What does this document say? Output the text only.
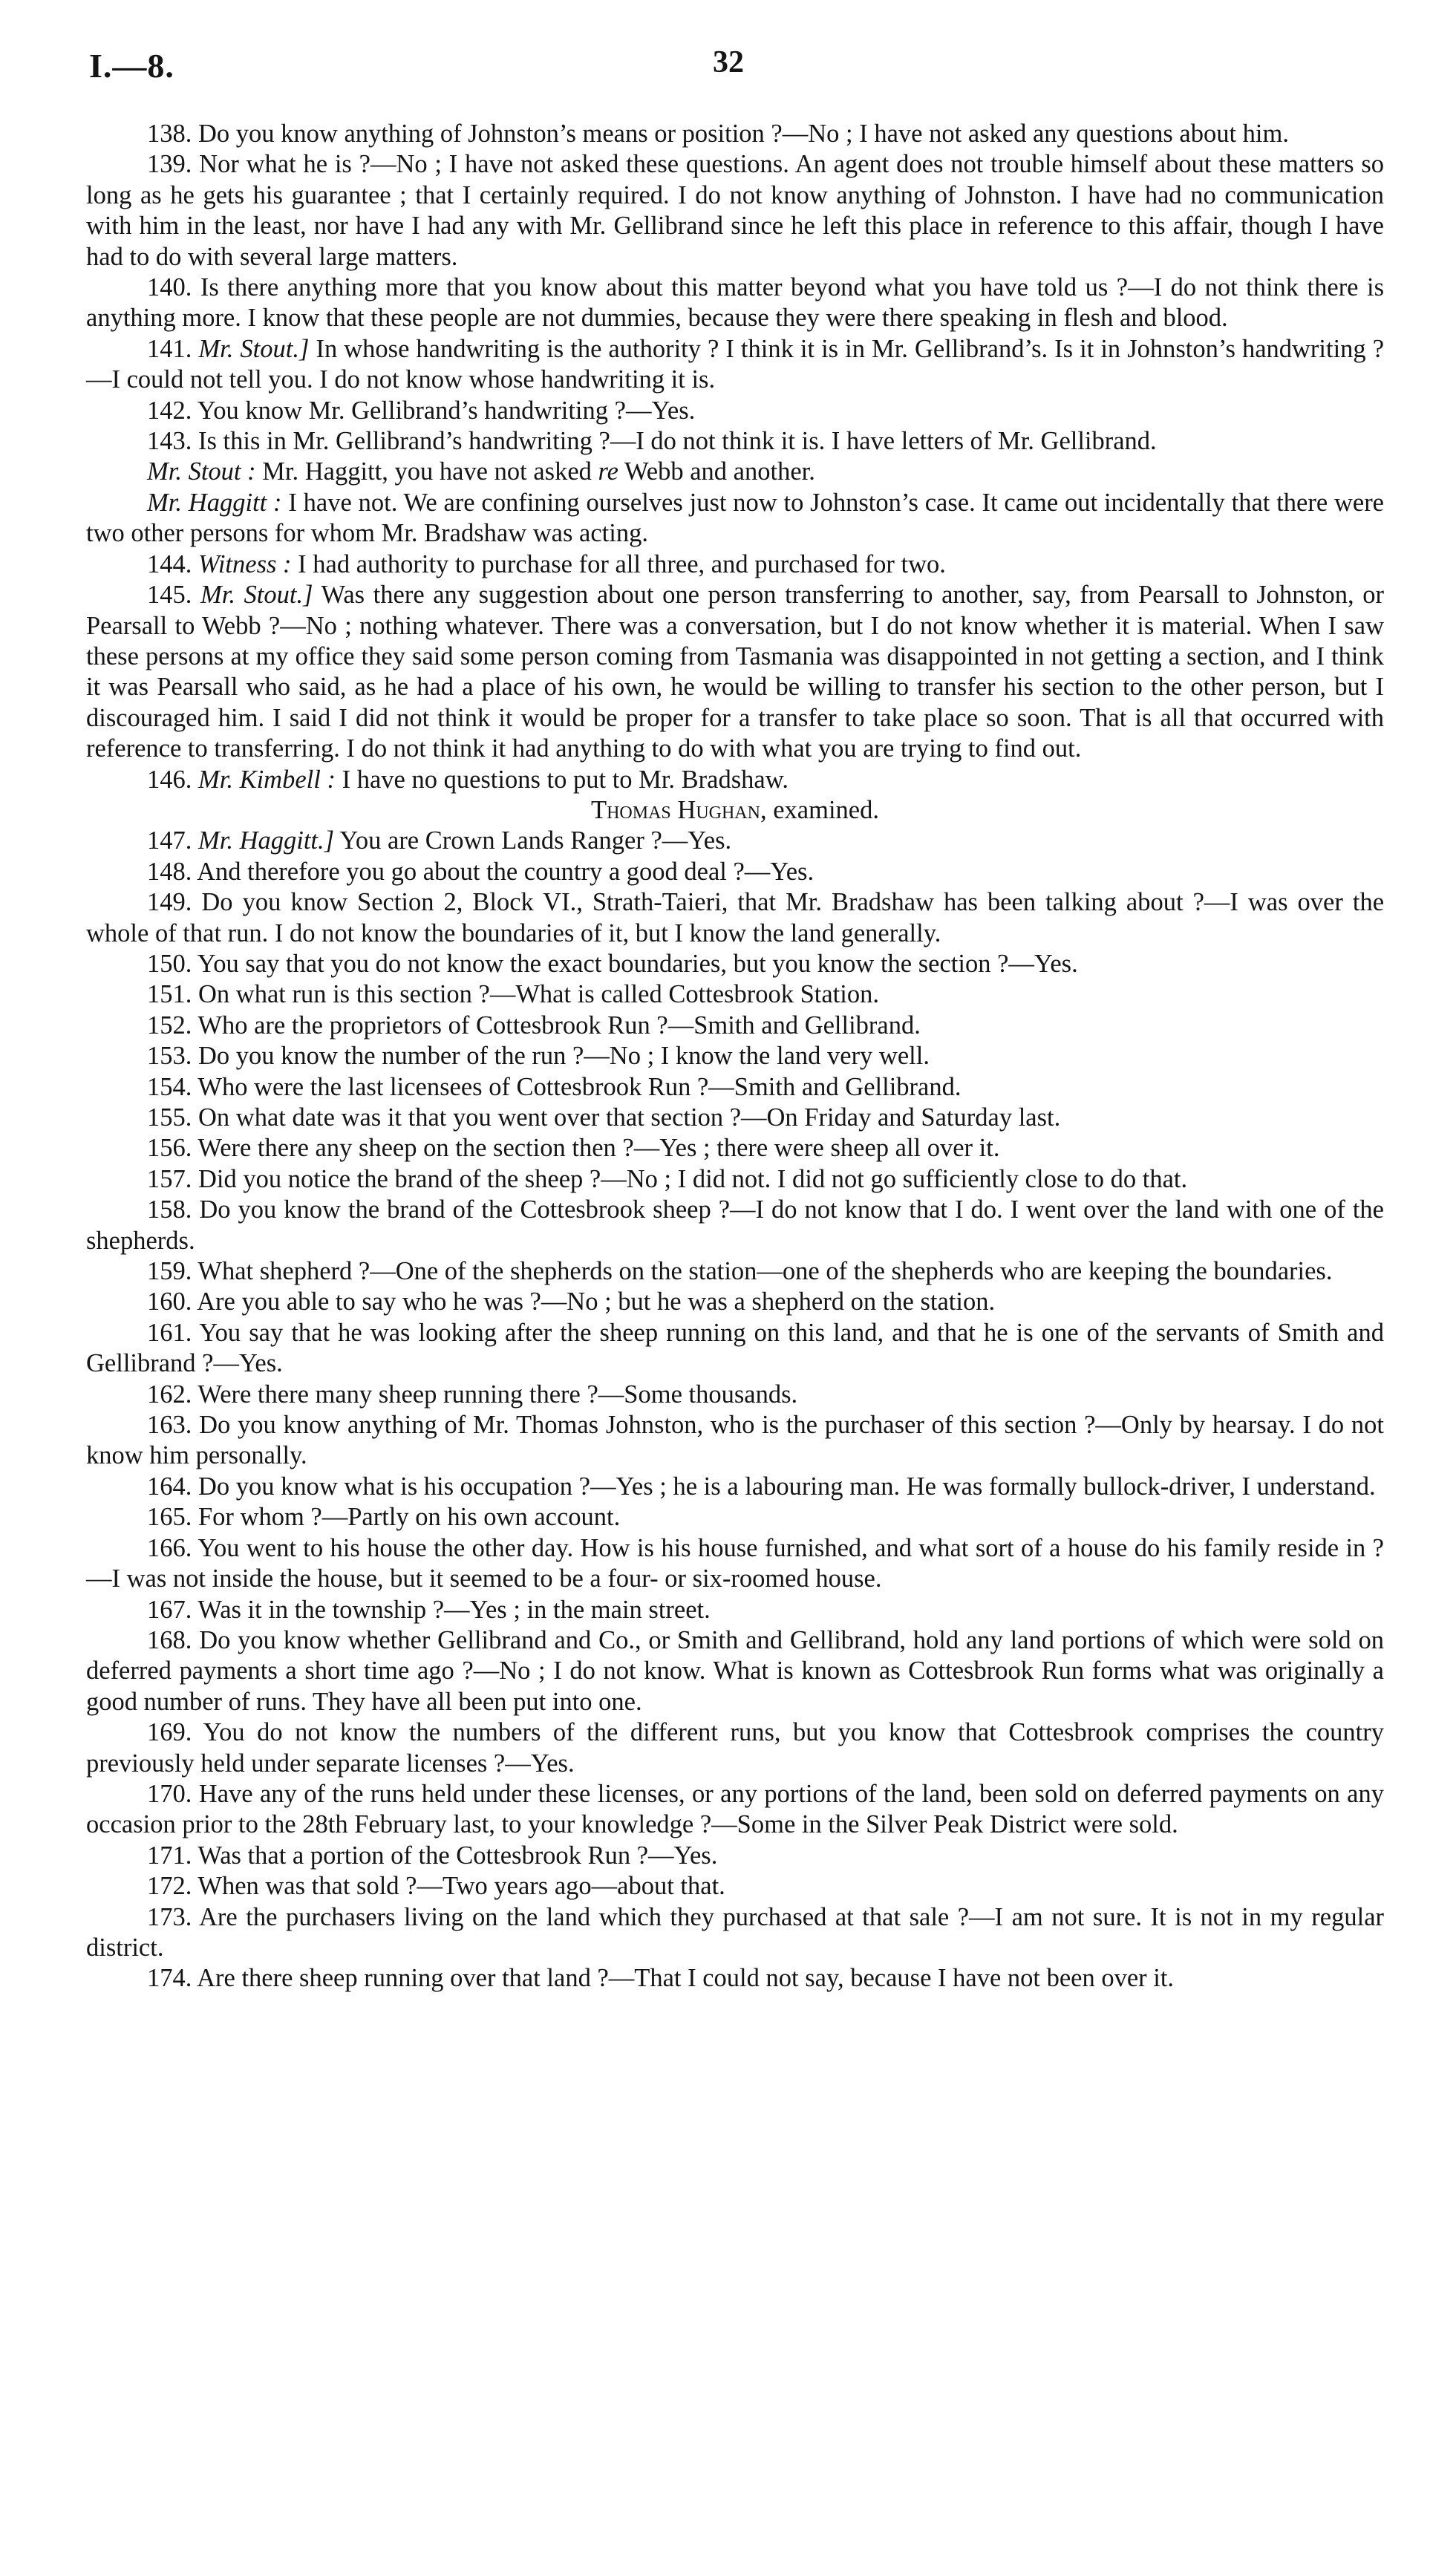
I.—8.	32

138. Do you know anything of Johnston’s means or position ?—No ; I have not asked any questions about him.

139. Nor what he is ?—No ; I have not asked these questions. An agent does not trouble himself about these matters so long as he gets his guarantee ; that I certainly required. I do not know anything of Johnston. I have had no communication with him in the least, nor have I had any with Mr. Gellibrand since he left this place in reference to this affair, though I have had to do with several large matters.

140. Is there anything more that you know about this matter beyond what you have told us ?—I do not think there is anything more. I know that these people are not dummies, because they were there speaking in flesh and blood.

141. Mr. Stout.] In whose handwriting is the authority ? I think it is in Mr. Gellibrand’s. Is it in Johnston’s handwriting ?—I could not tell you. I do not know whose handwriting it is.

142. You know Mr. Gellibrand’s handwriting ?—Yes.

143. Is this in Mr. Gellibrand’s handwriting ?—I do not think it is. I have letters of Mr. Gellibrand.

Mr. Stout : Mr. Haggitt, you have not asked re Webb and another.

Mr. Haggitt : I have not. We are confining ourselves just now to Johnston’s case. It came out incidentally that there were two other persons for whom Mr. Bradshaw was acting.

144. Witness : I had authority to purchase for all three, and purchased for two.

145. Mr. Stout.] Was there any suggestion about one person transferring to another, say, from Pearsall to Johnston, or Pearsall to Webb ?—No ; nothing whatever. There was a conversation, but I do not know whether it is material. When I saw these persons at my office they said some person coming from Tasmania was disappointed in not getting a section, and I think it was Pearsall who said, as he had a place of his own, he would be willing to transfer his section to the other person, but I discouraged him. I said I did not think it would be proper for a transfer to take place so soon. That is all that occurred with reference to transferring. I do not think it had anything to do with what you are trying to find out.

146. Mr. Kimbell : I have no questions to put to Mr. Bradshaw.

Thomas Hughan, examined.

147. Mr. Haggitt.] You are Crown Lands Ranger ?—Yes.

148. And therefore you go about the country a good deal ?—Yes.

149. Do you know Section 2, Block VI., Strath-Taieri, that Mr. Bradshaw has been talking about ?—I was over the whole of that run. I do not know the boundaries of it, but I know the land generally.

150. You say that you do not know the exact boundaries, but you know the section ?—Yes.

151. On what run is this section ?—What is called Cottesbrook Station.

152. Who are the proprietors of Cottesbrook Run ?—Smith and Gellibrand.

153. Do you know the number of the run ?—No ; I know the land very well.

154. Who were the last licensees of Cottesbrook Run ?—Smith and Gellibrand.

155. On what date was it that you went over that section ?—On Friday and Saturday last.

156. Were there any sheep on the section then ?—Yes ; there were sheep all over it.

157. Did you notice the brand of the sheep ?—No ; I did not. I did not go sufficiently close to do that.

158. Do you know the brand of the Cottesbrook sheep ?—I do not know that I do. I went over the land with one of the shepherds.

159. What shepherd ?—One of the shepherds on the station—one of the shepherds who are keeping the boundaries.

160. Are you able to say who he was ?—No ; but he was a shepherd on the station.

161. You say that he was looking after the sheep running on this land, and that he is one of the servants of Smith and Gellibrand ?—Yes.

162. Were there many sheep running there ?—Some thousands.

163. Do you know anything of Mr. Thomas Johnston, who is the purchaser of this section ?—Only by hearsay. I do not know him personally.

164. Do you know what is his occupation ?—Yes ; he is a labouring man. He was formally bullock-driver, I understand.

165. For whom ?—Partly on his own account.

166. You went to his house the other day. How is his house furnished, and what sort of a house do his family reside in ?—I was not inside the house, but it seemed to be a four- or six-roomed house.

167. Was it in the township ?—Yes ; in the main street.

168. Do you know whether Gellibrand and Co., or Smith and Gellibrand, hold any land portions of which were sold on deferred payments a short time ago ?—No ; I do not know. What is known as Cottesbrook Run forms what was originally a good number of runs. They have all been put into one.

169. You do not know the numbers of the different runs, but you know that Cottesbrook comprises the country previously held under separate licenses ?—Yes.

170. Have any of the runs held under these licenses, or any portions of the land, been sold on deferred payments on any occasion prior to the 28th February last, to your knowledge ?—Some in the Silver Peak District were sold.

171. Was that a portion of the Cottesbrook Run ?—Yes.

172. When was that sold ?—Two years ago—about that.

173. Are the purchasers living on the land which they purchased at that sale ?—I am not sure. It is not in my regular district.

174. Are there sheep running over that land ?—That I could not say, because I have not been over it.
